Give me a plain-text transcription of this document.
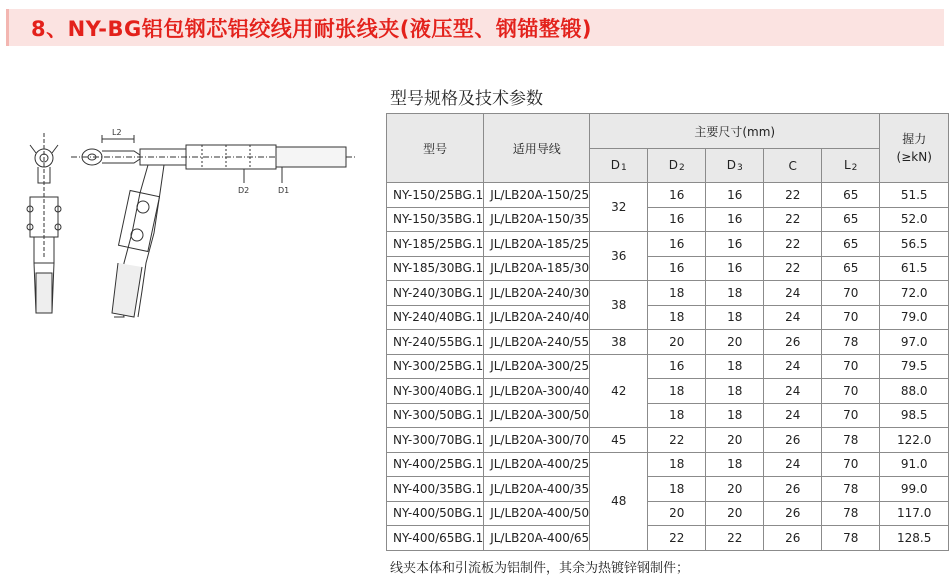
8、NY-BG铝包钢芯铝绞线用耐张线夹(液压型、钢锚整锻)
型号规格及技术参数
L2
D2	D1
型号	适用导线	主要尺寸(mm)					握力
(≥kN)

		D1	D2	D3	C	L2	
NY-150/25BG.1	JL/LB20A-150/25	32	16	16	22	65	51.5
NY-150/35BG.1	JL/LB20A-150/35		16	16	22	65	52.0
NY-185/25BG.1	JL/LB20A-185/25	36	16	16	22	65	56.5
NY-185/30BG.1	JL/LB20A-185/30		16	16	22	65	61.5
NY-240/30BG.1	JL/LB20A-240/30	38	18	18	24	70	72.0
NY-240/40BG.1	JL/LB20A-240/40		18	18	24	70	79.0
NY-240/55BG.1	JL/LB20A-240/55	38	20	20	26	78	97.0
NY-300/25BG.1	JL/LB20A-300/25	42	16	18	24	70	79.5
NY-300/40BG.1	JL/LB20A-300/40		18	18	24	70	88.0
NY-300/50BG.1	JL/LB20A-300/50		18	18	24	70	98.5
NY-300/70BG.1	JL/LB20A-300/70	45	22	20	26	78	122.0
NY-400/25BG.1	JL/LB20A-400/25	48	18	18	24	70	91.0
NY-400/35BG.1	JL/LB20A-400/35		18	20	26	78	99.0
NY-400/50BG.1	JL/LB20A-400/50		20	20	26	78	117.0
NY-400/65BG.1	JL/LB20A-400/65		22	22	26	78	128.5
线夹本体和引流板为铝制件，其余为热镀锌钢制件；
